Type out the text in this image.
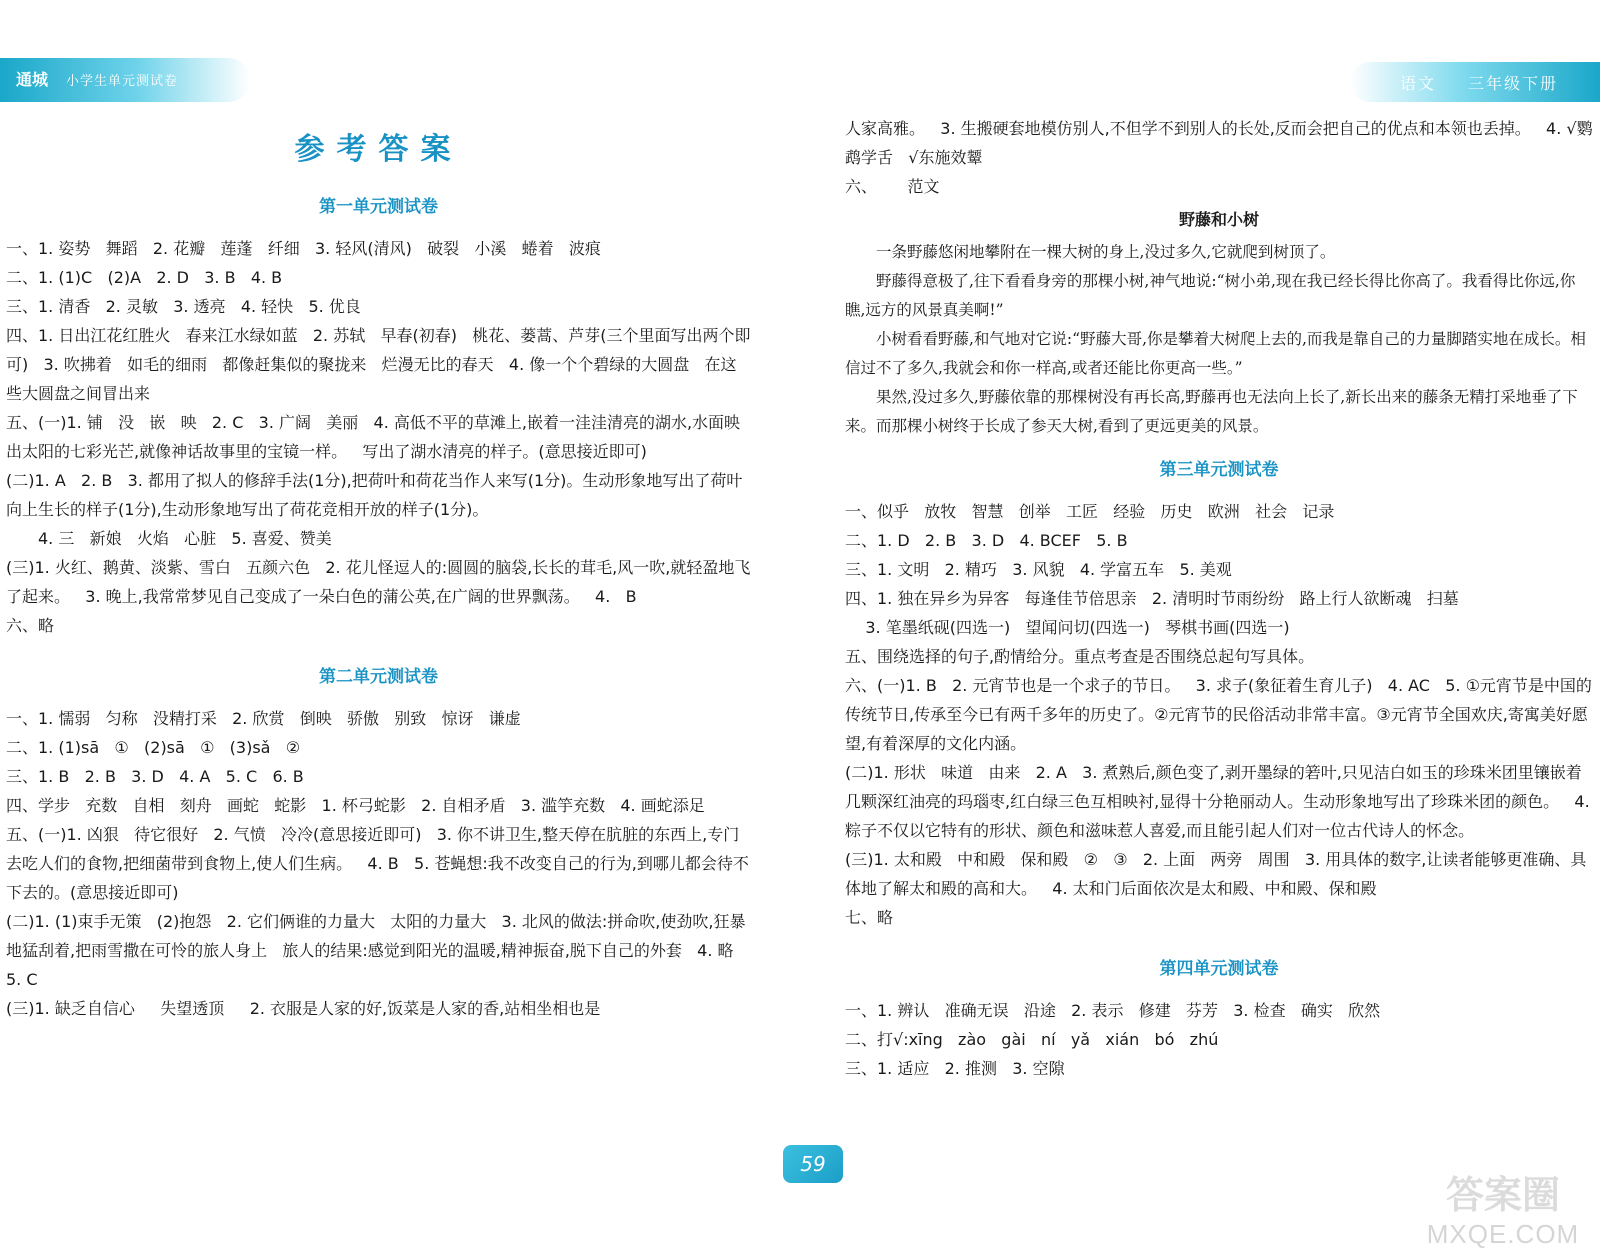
通城	小学生单元测试卷	语文 三年级下册
参考答案
第一单元测试卷

一、1. 姿势   舞蹈   2. 花瓣   莲蓬   纤细   3. 轻风(清风)   破裂   小溪   蜷着   波痕

二、1. (1)C   (2)A   2. D   3. B   4. B

三、1. 清香   2. 灵敏   3. 透亮   4. 轻快   5. 优良

四、1. 日出江花红胜火   春来江水绿如蓝   2. 苏轼   早春(初春)   桃花、蒌蒿、芦芽(三个里面写出两个即可)   3. 吹拂着   如毛的细雨   都像赶集似的聚拢来   烂漫无比的春天   4. 像一个个碧绿的大圆盘   在这些大圆盘之间冒出来

五、(一)1. 铺   没   嵌   映   2. C   3. 广阔   美丽   4. 高低不平的草滩上,嵌着一洼洼清亮的湖水,水面映出太阳的七彩光芒,就像神话故事里的宝镜一样。   写出了湖水清亮的样子。(意思接近即可)

(二)1. A   2. B   3. 都用了拟人的修辞手法(1分),把荷叶和荷花当作人来写(1分)。生动形象地写出了荷叶向上生长的样子(1分),生动形象地写出了荷花竞相开放的样子(1分)。

4. 三   新娘   火焰   心脏   5. 喜爱、赞美

(三)1. 火红、鹅黄、淡紫、雪白   五颜六色   2. 花儿怪逗人的:圆圆的脑袋,长长的茸毛,风一吹,就轻盈地飞了起来。   3. 晚上,我常常梦见自己变成了一朵白色的蒲公英,在广阔的世界飘荡。   4.   B

六、略

第二单元测试卷

一、1. 懦弱   匀称   没精打采   2. 欣赏   倒映   骄傲   别致   惊讶   谦虚

二、1. (1)sā   ①   (2)sā   ①   (3)sǎ   ②

三、1. B   2. B   3. D   4. A   5. C   6. B

四、学步   充数   自相   刻舟   画蛇   蛇影   1. 杯弓蛇影   2. 自相矛盾   3. 滥竽充数   4. 画蛇添足

五、(一)1. 凶狠   待它很好   2. 气愤   冷冷(意思接近即可)   3. 你不讲卫生,整天停在肮脏的东西上,专门去吃人们的食物,把细菌带到食物上,使人们生病。   4. B   5. 苍蝇想:我不改变自己的行为,到哪儿都会待不下去的。(意思接近即可)

(二)1. (1)束手无策   (2)抱怨   2. 它们俩谁的力量大   太阳的力量大   3. 北风的做法:拼命吹,使劲吹,狂暴地猛刮着,把雨雪撒在可怜的旅人身上   旅人的结果:感觉到阳光的温暖,精神振奋,脱下自己的外套   4. 略   5. C

(三)1. 缺乏自信心     失望透顶     2. 衣服是人家的好,饭菜是人家的香,站相坐相也是

人家高雅。   3. 生搬硬套地模仿别人,不但学不到别人的长处,反而会把自己的优点和本领也丢掉。   4. √鹦鹉学舌   √东施效颦

六、      范文

野藤和小树

一条野藤悠闲地攀附在一棵大树的身上,没过多久,它就爬到树顶了。

野藤得意极了,往下看看身旁的那棵小树,神气地说:“树小弟,现在我已经长得比你高了。我看得比你远,你瞧,远方的风景真美啊!”

小树看看野藤,和气地对它说:“野藤大哥,你是攀着大树爬上去的,而我是靠自己的力量脚踏实地在成长。相信过不了多久,我就会和你一样高,或者还能比你更高一些。”

果然,没过多久,野藤依靠的那棵树没有再长高,野藤再也无法向上长了,新长出来的藤条无精打采地垂了下来。而那棵小树终于长成了参天大树,看到了更远更美的风景。

第三单元测试卷

一、似乎   放牧   智慧   创举   工匠   经验   历史   欧洲   社会   记录

二、1. D   2. B   3. D   4. BCEF   5. B

三、1. 文明   2. 精巧   3. 风貌   4. 学富五车   5. 美观

四、1. 独在异乡为异客   每逢佳节倍思亲   2. 清明时节雨纷纷   路上行人欲断魂   扫墓

3. 笔墨纸砚(四选一)   望闻问切(四选一)   琴棋书画(四选一)

五、围绕选择的句子,酌情给分。重点考查是否围绕总起句写具体。

六、(一)1. B   2. 元宵节也是一个求子的节日。   3. 求子(象征着生育儿子)   4. AC   5. ①元宵节是中国的传统节日,传承至今已有两千多年的历史了。②元宵节的民俗活动非常丰富。③元宵节全国欢庆,寄寓美好愿望,有着深厚的文化内涵。

(二)1. 形状   味道   由来   2. A   3. 煮熟后,颜色变了,剥开墨绿的箬叶,只见洁白如玉的珍珠米团里镶嵌着几颗深红油亮的玛瑙枣,红白绿三色互相映衬,显得十分艳丽动人。生动形象地写出了珍珠米团的颜色。   4. 粽子不仅以它特有的形状、颜色和滋味惹人喜爱,而且能引起人们对一位古代诗人的怀念。

(三)1. 太和殿   中和殿   保和殿   ②   ③   2. 上面   两旁   周围   3. 用具体的数字,让读者能够更准确、具体地了解太和殿的高和大。   4. 太和门后面依次是太和殿、中和殿、保和殿

七、略

第四单元测试卷

一、1. 辨认   准确无误   沿途   2. 表示   修建   芬芳   3. 检查   确实   欣然

二、打√:xīng   zào   gài   ní   yǎ   xián   bó   zhú

三、1. 适应   2. 推测   3. 空隙

59
答案圈
MXQE.COM
